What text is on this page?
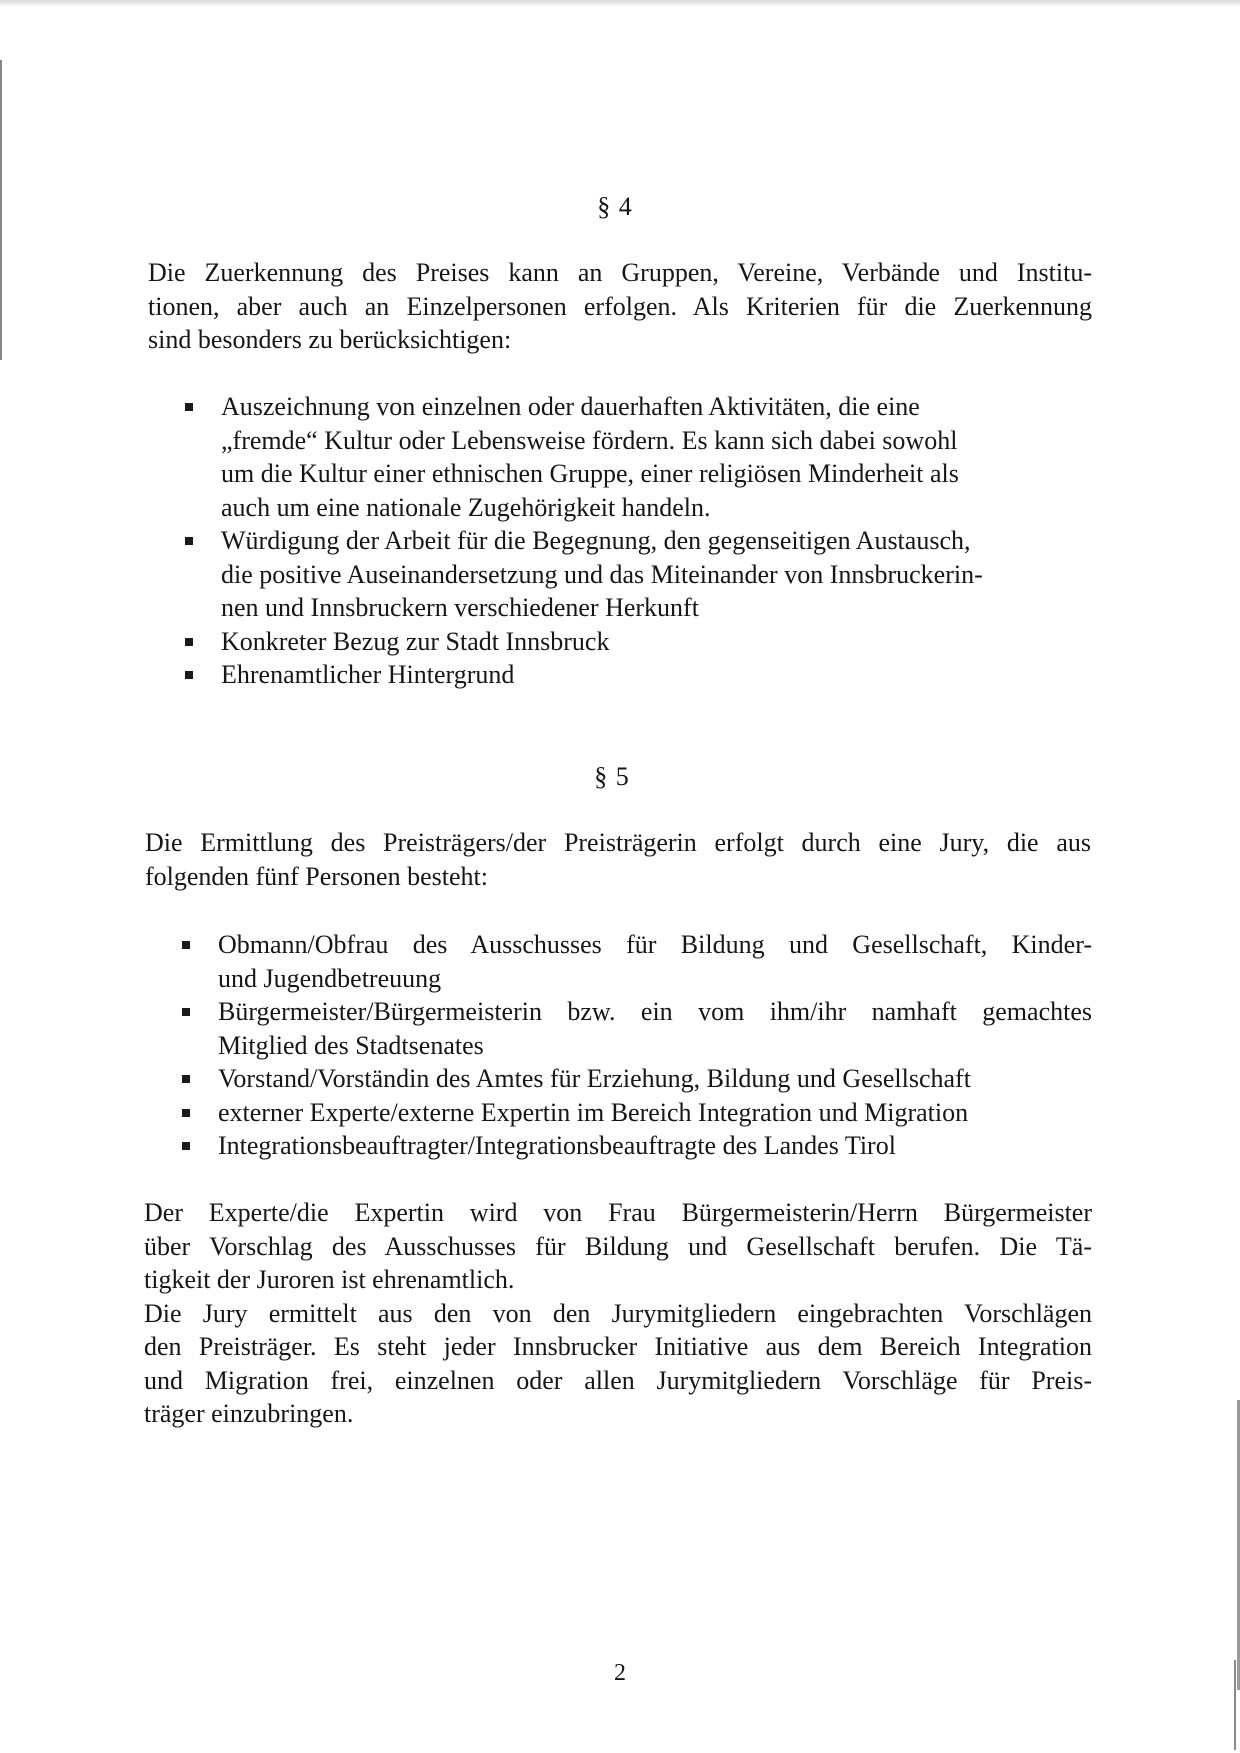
§ 4
Die Zuerkennung des Preises kann an Gruppen, Vereine, Verbände und Institu-
tionen, aber auch an Einzelpersonen erfolgen. Als Kriterien für die Zuerkennung
sind besonders zu berücksichtigen:
Auszeichnung von einzelnen oder dauerhaften Aktivitäten, die eine
„fremde“ Kultur oder Lebensweise fördern. Es kann sich dabei sowohl
um die Kultur einer ethnischen Gruppe, einer religiösen Minderheit als
auch um eine nationale Zugehörigkeit handeln.
Würdigung der Arbeit für die Begegnung, den gegenseitigen Austausch,
die positive Auseinandersetzung und das Miteinander von Innsbruckerin-
nen und Innsbruckern verschiedener Herkunft
Konkreter Bezug zur Stadt Innsbruck
Ehrenamtlicher Hintergrund
§ 5
Die Ermittlung des Preisträgers/der Preisträgerin erfolgt durch eine Jury, die aus
folgenden fünf Personen besteht:
Obmann/Obfrau des Ausschusses für Bildung und Gesellschaft, Kinder-
und Jugendbetreuung
Bürgermeister/Bürgermeisterin bzw. ein vom ihm/ihr namhaft gemachtes
Mitglied des Stadtsenates
Vorstand/Vorständin des Amtes für Erziehung, Bildung und Gesellschaft
externer Experte/externe Expertin im Bereich Integration und Migration
Integrationsbeauftragter/Integrationsbeauftragte des Landes Tirol
Der Experte/die Expertin wird von Frau Bürgermeisterin/Herrn Bürgermeister
über Vorschlag des Ausschusses für Bildung und Gesellschaft berufen. Die Tä-
tigkeit der Juroren ist ehrenamtlich.
Die Jury ermittelt aus den von den Jurymitgliedern eingebrachten Vorschlägen
den Preisträger. Es steht jeder Innsbrucker Initiative aus dem Bereich Integration
und Migration frei, einzelnen oder allen Jurymitgliedern Vorschläge für Preis-
träger einzubringen.
2
